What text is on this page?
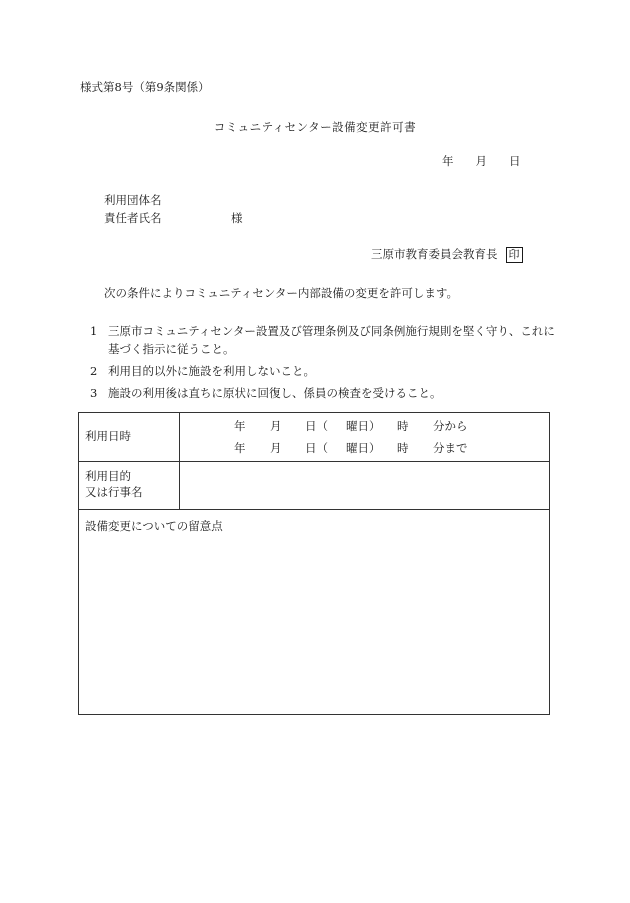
様式第8号（第9条関係）
コミュニティセンター設備変更許可書
年 月 日
利用団体名
責任者氏名	様
三原市教育委員会教育長 印
次の条件によりコミュニティセンター内部設備の変更を許可します。
1 三原市コミュニティセンター設置及び管理条例及び同条例施行規則を堅く守り、これに基づく指示に従うこと。
2 利用目的以外に施設を利用しないこと。
3 施設の利用後は直ちに原状に回復し、係員の検査を受けること。
利用日時
年 月 日（ 曜日） 時 分から
年 月 日（ 曜日） 時 分まで
利用目的
又は行事名
設備変更についての留意点
